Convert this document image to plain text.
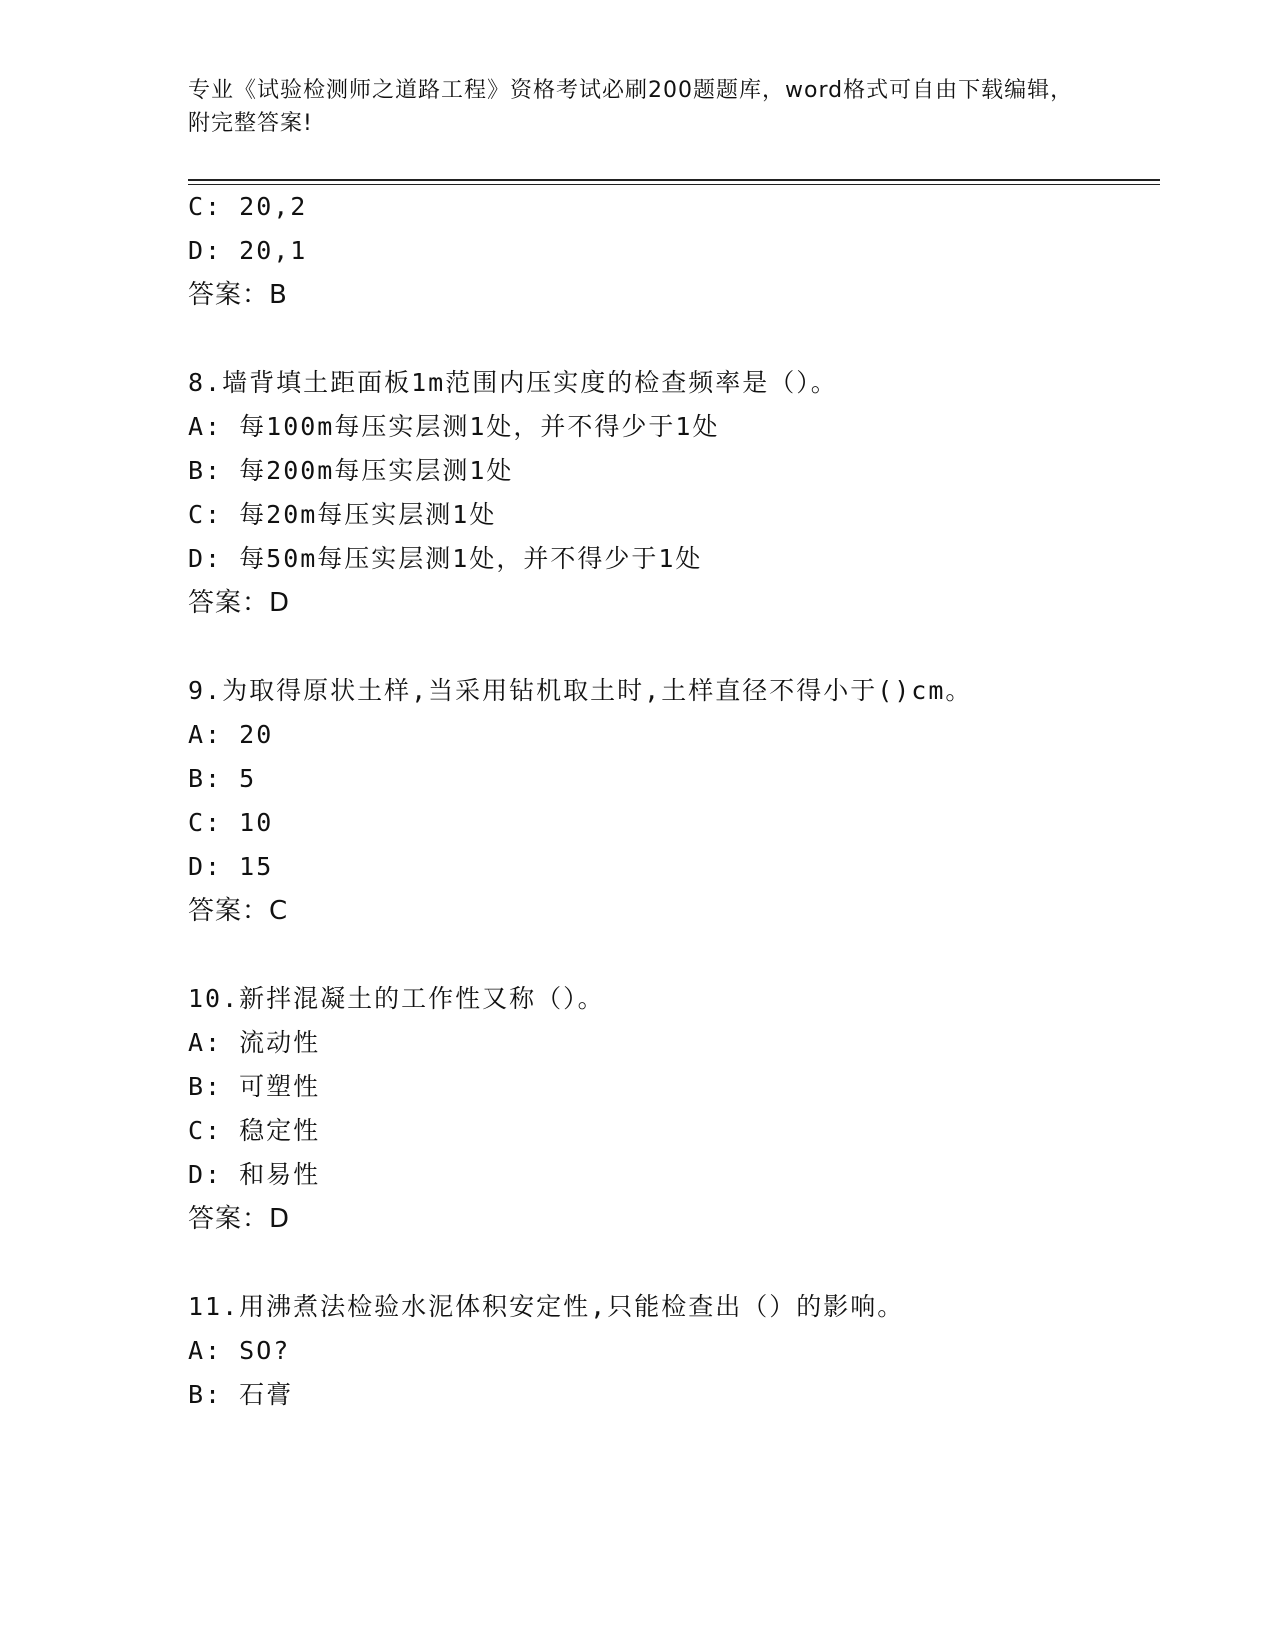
专业《试验检测师之道路工程》资格考试必刷200题题库，word格式可自由下载编辑，附完整答案!
C: 20,2
D: 20,1
答案：B
8.墙背填土距面板1m范围内压实度的检查频率是（）。
A: 每100m每压实层测1处，并不得少于1处
B: 每200m每压实层测1处
C: 每20m每压实层测1处
D: 每50m每压实层测1处，并不得少于1处
答案：D
9.为取得原状土样,当采用钻机取土时,土样直径不得小于()cm。
A: 20
B: 5
C: 10
D: 15
答案：C
10.新拌混凝土的工作性又称（）。
A: 流动性
B: 可塑性
C: 稳定性
D: 和易性
答案：D
11.用沸煮法检验水泥体积安定性,只能检查出（）的影响。
A: SO?
B: 石膏
